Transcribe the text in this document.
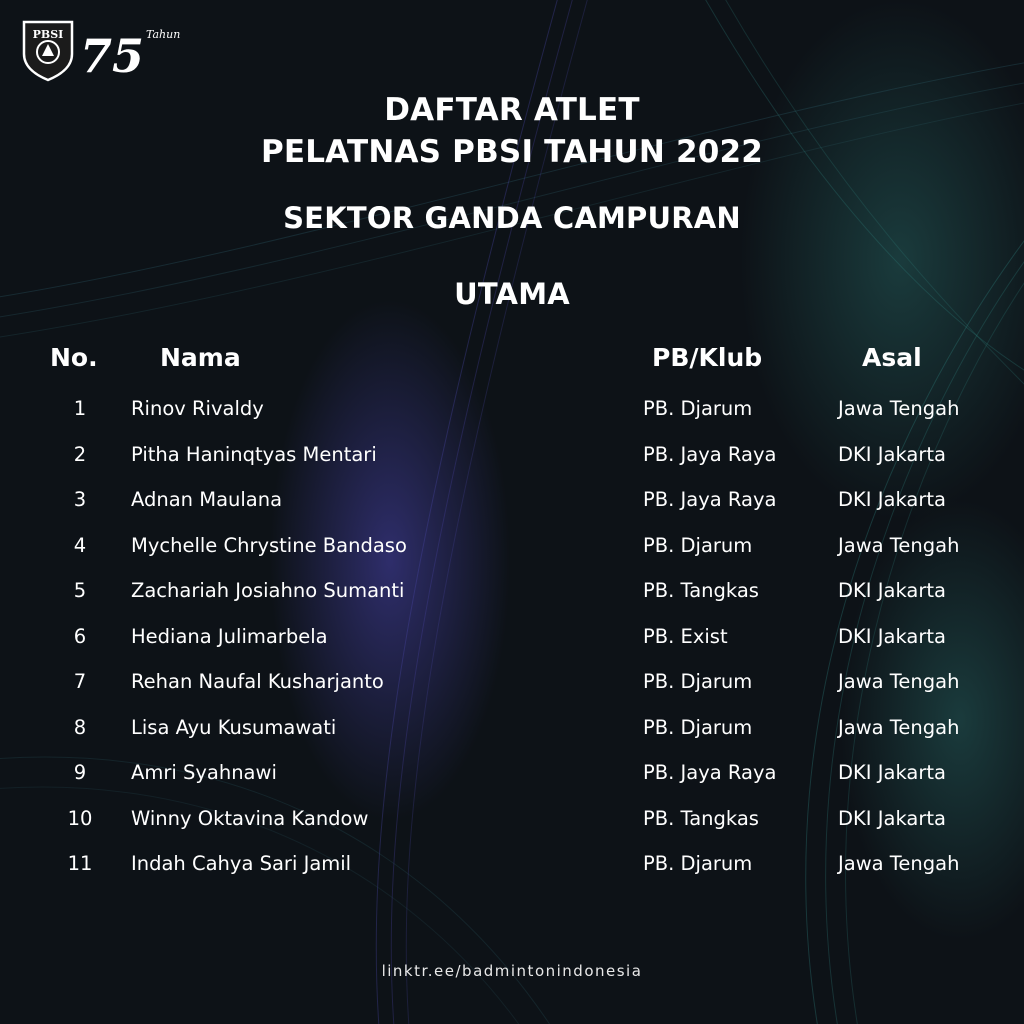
PBSI 75 Tahun
DAFTAR ATLET
PELATNAS PBSI TAHUN 2022
SEKTOR GANDA CAMPURAN
UTAMA
No. Nama	PB/Klub	Asal
1	Rinov Rivaldy	PB. Djarum	Jawa Tengah
2	Pitha Haninqtyas Mentari	PB. Jaya Raya	DKI Jakarta
3	Adnan Maulana	PB. Jaya Raya	DKI Jakarta
4	Mychelle Chrystine Bandaso	PB. Djarum	Jawa Tengah
5	Zachariah Josiahno Sumanti	PB. Tangkas	DKI Jakarta
6	Hediana Julimarbela	PB. Exist	DKI Jakarta
7	Rehan Naufal Kusharjanto	PB. Djarum	Jawa Tengah
8	Lisa Ayu Kusumawati	PB. Djarum	Jawa Tengah
9	Amri Syahnawi	PB. Jaya Raya	DKI Jakarta
10	Winny Oktavina Kandow	PB. Tangkas	DKI Jakarta
11	Indah Cahya Sari Jamil	PB. Djarum	Jawa Tengah
linktr.ee/badmintonindonesia
